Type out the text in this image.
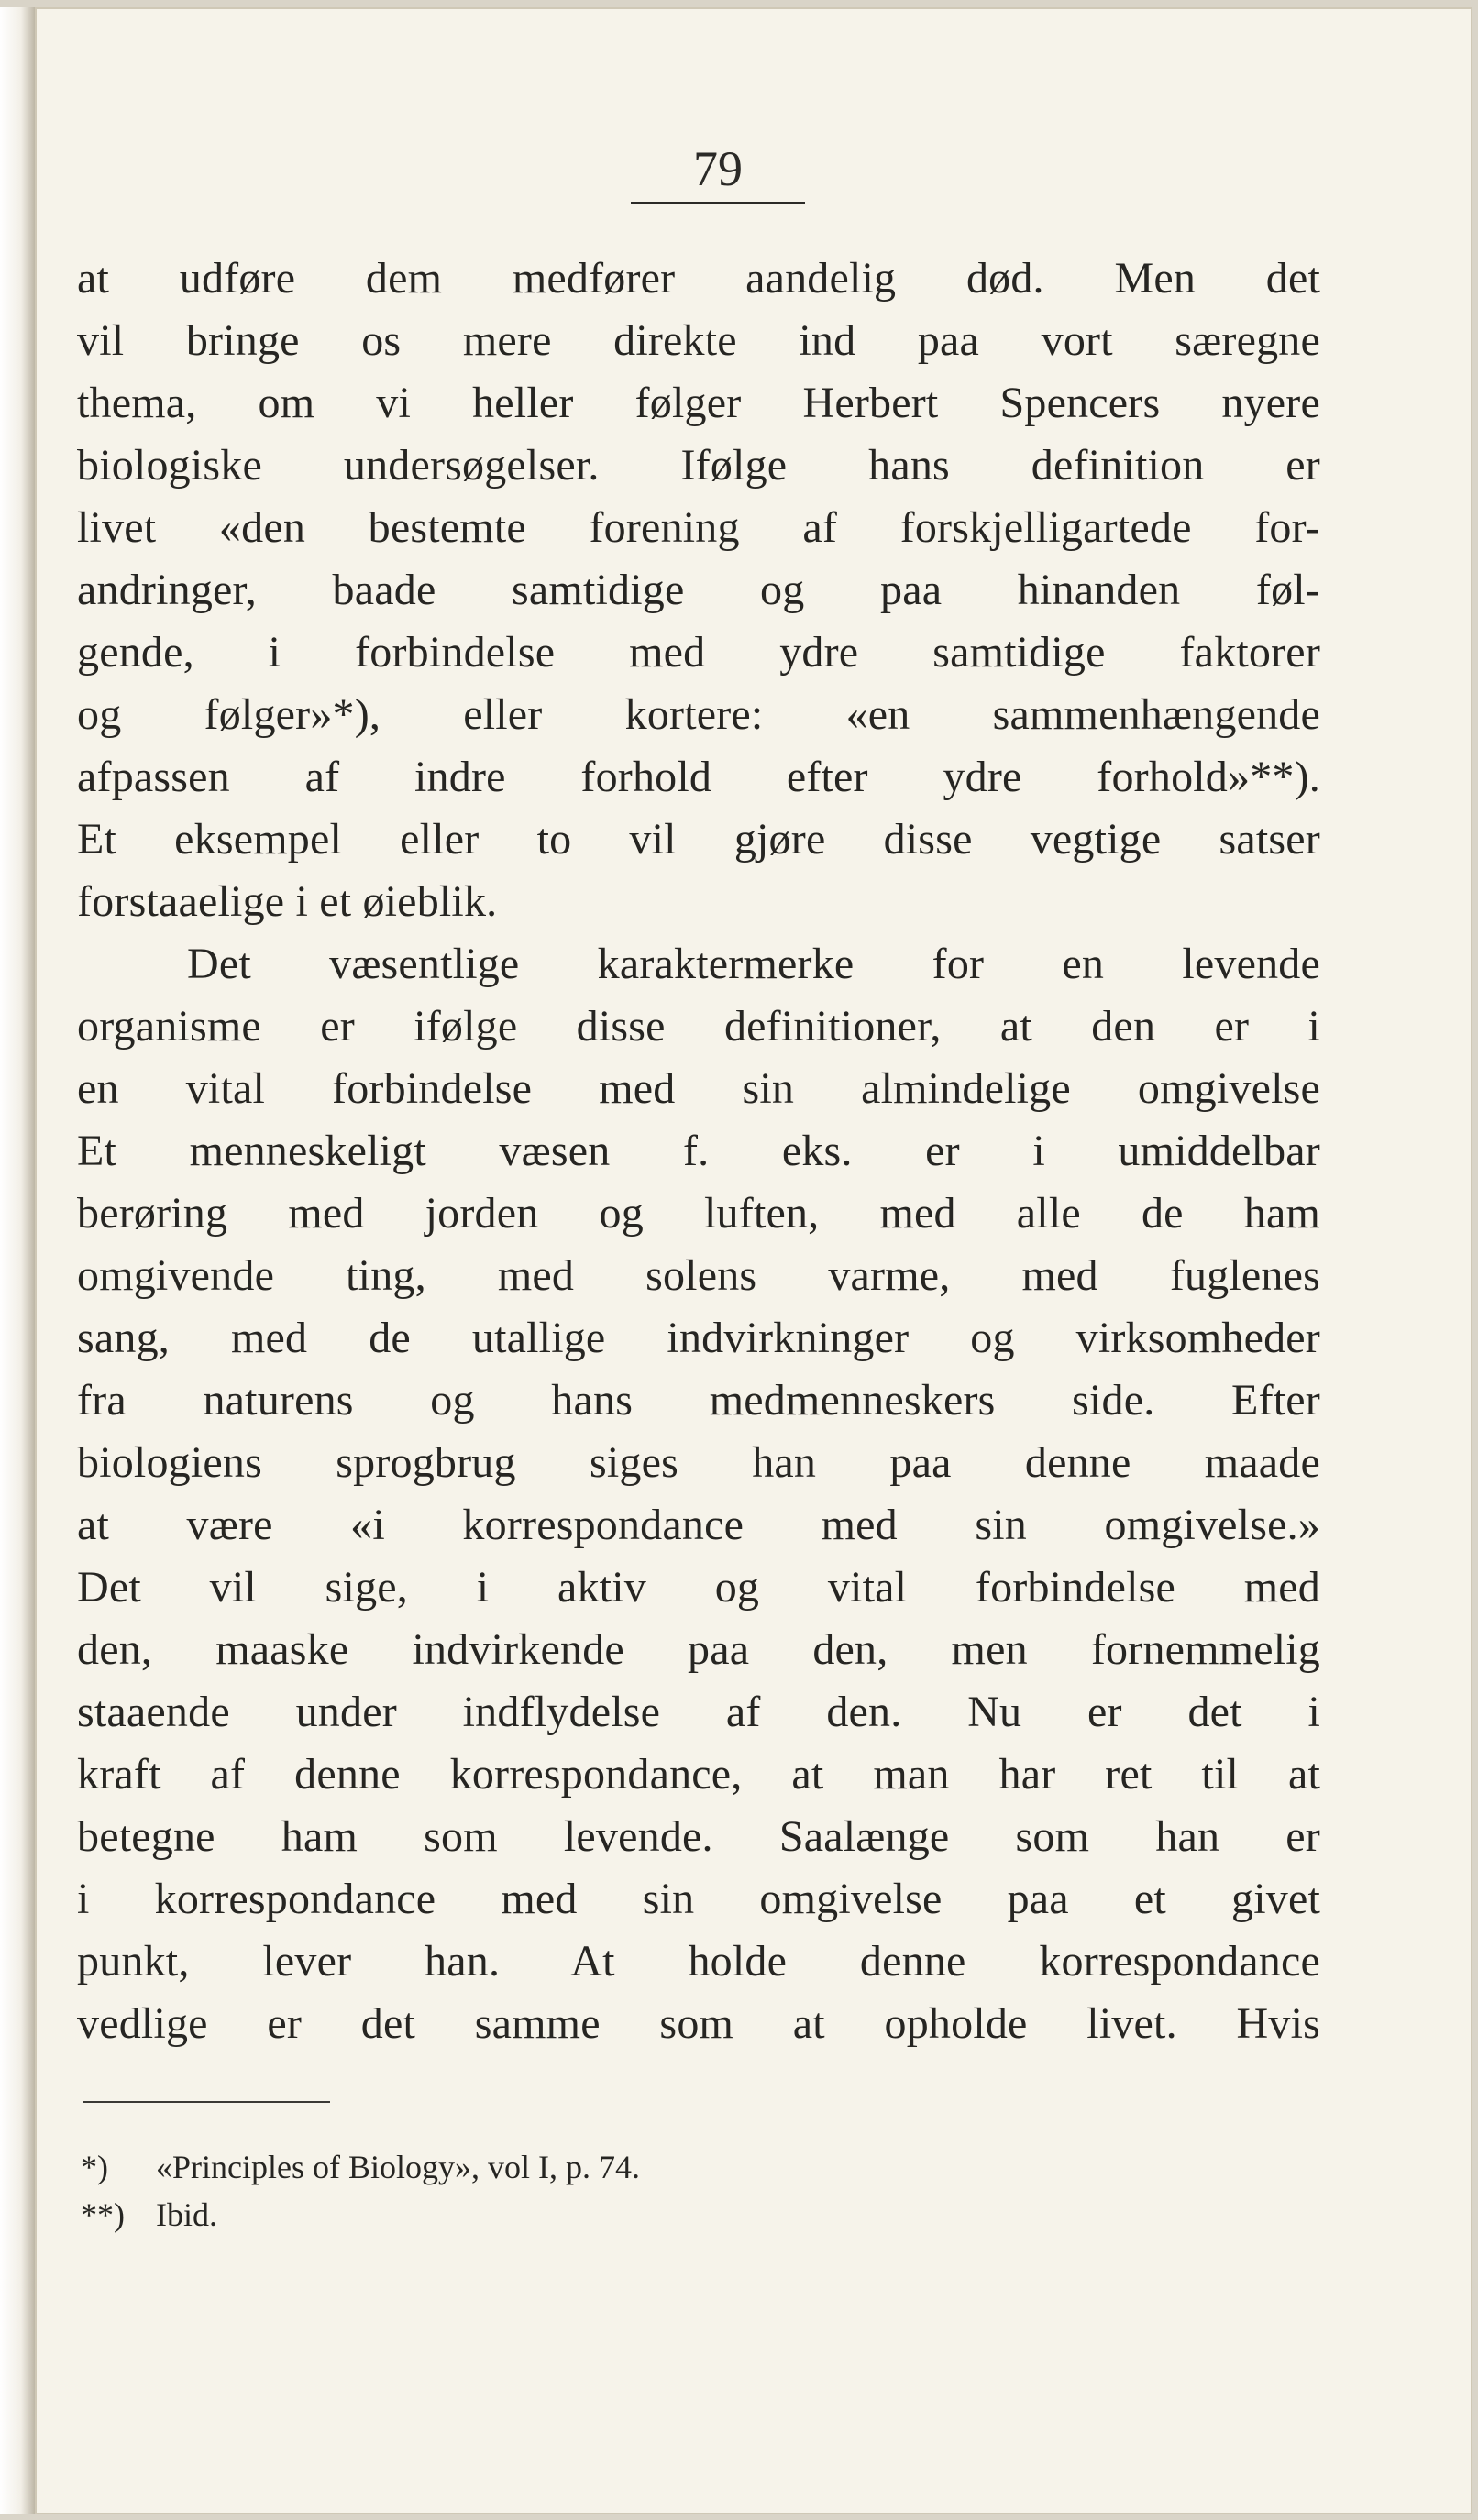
79
at udføre dem medfører aandelig død. Men det
vil bringe os mere direkte ind paa vort særegne
thema, om vi heller følger Herbert Spencers nyere
biologiske undersøgelser. Ifølge hans definition er
livet «den bestemte forening af forskjelligartede for-
andringer, baade samtidige og paa hinanden føl-
gende, i forbindelse med ydre samtidige faktorer
og følger»*), eller kortere: «en sammenhængende
afpassen af indre forhold efter ydre forhold»**).
Et eksempel eller to vil gjøre disse vegtige satser
forstaaelige i et øieblik.
Det væsentlige karaktermerke for en levende
organisme er ifølge disse definitioner, at den er i
en vital forbindelse med sin almindelige omgivelse
Et menneskeligt væsen f. eks. er i umiddelbar
berøring med jorden og luften, med alle de ham
omgivende ting, med solens varme, med fuglenes
sang, med de utallige indvirkninger og virksomheder
fra naturens og hans medmenneskers side. Efter
biologiens sprogbrug siges han paa denne maade
at være «i korrespondance med sin omgivelse.»
Det vil sige, i aktiv og vital forbindelse med
den, maaske indvirkende paa den, men fornemmelig
staaende under indflydelse af den. Nu er det i
kraft af denne korrespondance, at man har ret til at
betegne ham som levende. Saalænge som han er
i korrespondance med sin omgivelse paa et givet
punkt, lever han. At holde denne korrespondance
vedlige er det samme som at opholde livet. Hvis
*) «Principles of Biology», vol I, p. 74.
**) Ibid.
